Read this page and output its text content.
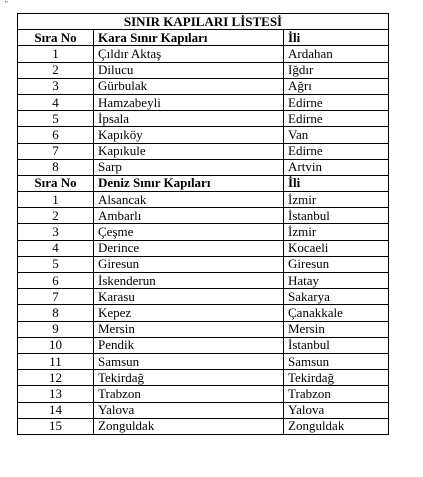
"
SINIR KAPILARI LİSTESİ		
Sıra No	Kara Sınır Kapıları	İli
1	Çıldır Aktaş	Ardahan
2	Dilucu	Iğdır
3	Gürbulak	Ağrı
4	Hamzabeyli	Edirne
5	İpsala	Edirne
6	Kapıköy	Van
7	Kapıkule	Edirne
8	Sarp	Artvin
Sıra No	Deniz Sınır Kapıları	İli
1	Alsancak	İzmir
2	Ambarlı	İstanbul
3	Çeşme	İzmir
4	Derince	Kocaeli
5	Giresun	Giresun
6	İskenderun	Hatay
7	Karasu	Sakarya
8	Kepez	Çanakkale
9	Mersin	Mersin
10	Pendik	İstanbul
11	Samsun	Samsun
12	Tekirdağ	Tekirdağ
13	Trabzon	Trabzon
14	Yalova	Yalova
15	Zonguldak	Zonguldak
